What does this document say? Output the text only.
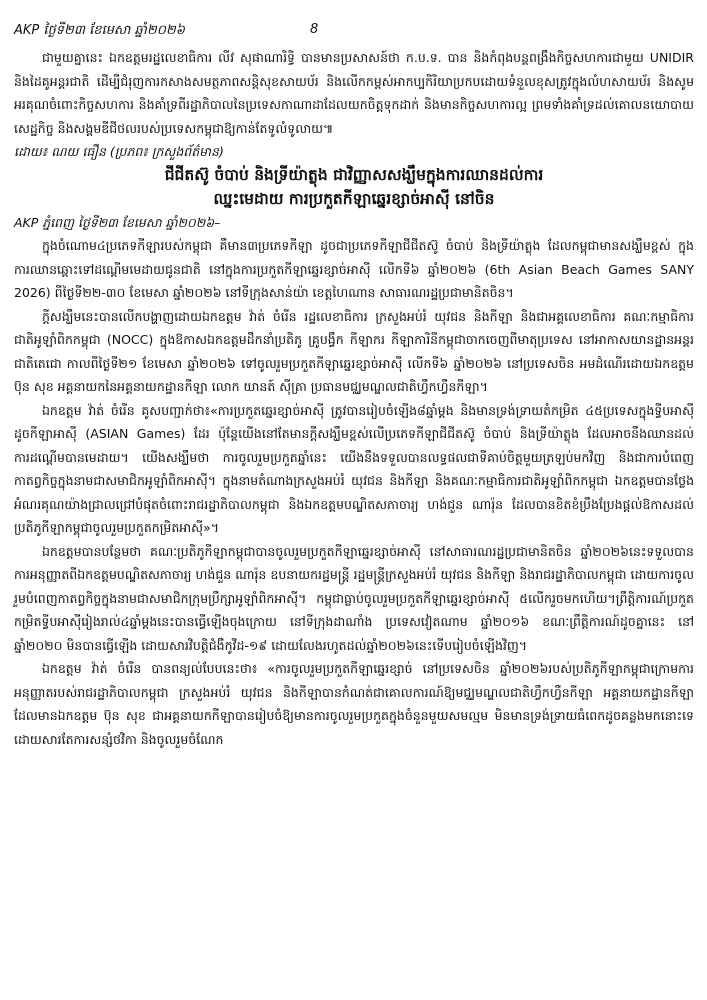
AKP ថ្ងៃទី២៣ ខែមេសា ឆ្នាំ២០២៦	8

ជាមួយគ្នានេះ ឯកឧត្តមរដ្ឋលេខាធិការ លីវ សុផាណារិទ្ធិ បានមានប្រសាសន៍ថា ក.ប.ទ. បាន និងកំពុងបន្តពង្រឹងកិច្ចសហការជាមួយ UNIDIR និងដៃគូអន្តរជាតិ ដើម្បីជំរុញការកសាងសមត្ថភាពសន្តិសុខសាយប័រ និងលើកកម្ពស់អាកប្បកិរិយាប្រកបដោយទំនួលខុសត្រូវក្នុងលំហសាយប័រ និងសូមអរគុណចំពោះកិច្ចសហការ និងគាំទ្រពីរដ្ឋាភិបាលនៃប្រទេសកាណាដាដែលយកចិត្តទុកដាក់ និងមានកិច្ចសហការល្អ ព្រមទាំងគាំទ្រដល់គោលនយោបាយសេដ្ឋកិច្ច និងសង្គមឌីជីថលរបស់ប្រទេសកម្ពុជាឱ្យកាន់តែទូលំទូលាយ៕

ដោយ៖ ណយ ធឿន (ប្រភព៖ ក្រសួងព័ត៌មាន)
ជីជីតស៊ូ ចំបាប់ និងទ្រីយ៉ាត្លុង ជាវិញ្ញាសសង្ឃឹមក្នុងការឈានដល់ការ
ឈ្នះមេដាយ ការប្រកួតកីឡាឆ្នេរខ្សាច់អាស៊ី នៅចិន
AKP ភ្នំពេញ ថ្ងៃទី២៣ ខែមេសា ឆ្នាំ២០២៦–

ក្នុងចំណោម៤ប្រភេទកីឡារបស់កម្ពុជា គឺមាន៣ប្រភេទកីឡា ដូចជាប្រភេទកីឡាជីជីតស៊ូ ចំបាប់ និងទ្រីយ៉ាត្លុង ដែលកម្ពុជាមានសង្ឃឹមខ្ពស់ ក្នុងការឈានឆ្ពោះទៅដណ្ដើមមេដាយជូនជាតិ នៅក្នុងការប្រកួតកីឡាឆ្នេរខ្សាច់អាស៊ី លើកទី៦ ឆ្នាំ២០២៦ (6th Asian Beach Games SANY 2026) ពីថ្ងៃទី២២-៣០ ខែមេសា ឆ្នាំ២០២៦ នៅទីក្រុងសាន់យ៉ា ខេត្តហៃណាន សាធារណរដ្ឋប្រជាមានិតចិន។

ក្តីសង្ឃឹមនេះបានលើកបង្ហាញដោយឯកឧត្តម វ៉ាត់ ចំរើន រដ្ឋលេខាធិការ ក្រសួងអប់រំ យុវជន និងកីឡា និងជាអគ្គលេខាធិការ គណៈកម្មាធិការជាតិអូឡាំពិកកម្ពុជា (NOCC) ក្នុងឱកាសឯកឧត្តមដឹកនាំប្រតិភូ គ្រូបង្វឹក កីឡាករ កីឡាការិនីកម្ពុជាចាកចេញពីមាតុប្រទេស នៅអាកាសយានដ្ឋានអន្តរជាតិតេជោ កាលពីថ្ងៃទី២១ ខែមេសា ឆ្នាំ២០២៦ ទៅចូលរួមប្រកួតកីឡាឆ្នេរខ្សាច់អាស៊ី លើកទី៦ ឆ្នាំ២០២៦ នៅប្រទេសចិន អមដំណើរដោយឯកឧត្តម ប៊ុន សុខ អគ្គនាយកនៃអគ្គនាយកដ្ឋានកីឡា លោក យានត៍ ស៊ីត្រា ប្រធានមជ្ឈមណ្ឌលជាតិហ្វឹកហ្វឺនកីឡា។

ឯកឧត្តម វ៉ាត់ ចំរើន គូសបញ្ជាក់ថា៖«ការប្រកួតឆ្នេរខ្សាច់អាស៊ី ត្រូវបានរៀបចំឡើង៨ឆ្នាំម្តង និងមានទ្រង់ទ្រាយតំកម្រិត ៤៥ប្រទេសក្នុងទ្វីបអាស៊ី ដូចកីឡាអាស៊ី (ASIAN Games) ដែរ ប៉ុន្តែយើងនៅតែមានក្តីសង្ឃឹមខ្ពស់លើប្រភេទកីឡាជីជីតស៊ូ ចំបាប់ និងទ្រីយ៉ាត្លុង ដែលអាចនឹងឈានដល់ការដណ្តើមបានមេដាយ។ យើងសង្ឃឹមថា ការចូលរួមប្រកួតឆ្នាំនេះ យើងនឹងទទួលបានលទ្ធផលជាទីគាប់ចិត្តមួយត្រឡប់មកវិញ និងជាការបំពេញកាតព្វកិច្ចក្នុងនាមជាសមាជិកអូឡាំពិកអាស៊ី។ ក្នុងនាមតំណាងក្រសួងអប់រំ យុវជន និងកីឡា និងគណៈកម្មាធិការជាតិអូឡាំពិកកម្ពុជា ឯកឧត្តមបានថ្លែងអំណរគុណយ៉ាងជ្រាលជ្រៅបំផុតចំពោះរាជរដ្ឋាភិបាលកម្ពុជា និងឯកឧត្តមបណ្ឌិតសភាចារ្យ ហង់ជួន ណារ៉ុន ដែលបានខិតខំប្រឹងប្រែងផ្តល់ឱកាសដល់ប្រតិភូកីឡាកម្ពុជាចូលរួមប្រកួតកម្រិតអាស៊ី»។

ឯកឧត្តមបានបន្ថែមថា គណៈប្រតិភូកីឡាកម្ពុជាបានចូលរួមប្រកួតកីឡាឆ្នេរខ្សាច់អាស៊ី នៅសាធារណរដ្ឋប្រជាមានិតចិន ឆ្នាំ២០២៦នេះទទួលបានការអនុញ្ញាតពីឯកឧត្តមបណ្ឌិតសភាចារ្យ ហង់ជួន ណារ៉ុន ឧបនាយករដ្ឋមន្ត្រី រដ្ឋមន្ត្រីក្រសួងអប់រំ យុវជន និងកីឡា និងរាជរដ្ឋាភិបាលកម្ពុជា ដោយការចូលរួមបំពេញកាតព្វកិច្ចក្នុងនាមជាសមាជិកក្រុមប្រឹក្សាអូឡាំពិកអាស៊ី។ កម្ពុជាធ្លាប់ចូលរួមប្រកួតកីឡាឆ្នេរខ្សាច់អាស៊ី ៥លើករួចមកហើយ។ព្រឹត្តិការណ៍ប្រកួតកម្រិតទ្វីបអាស៊ីរៀងរាល់៤ឆ្នាំម្តងនេះបានធ្វើឡើងចុងក្រោយ នៅទីក្រុងដាណាំង ប្រទេសវៀតណាម ឆ្នាំ២០១៦ ខណៈព្រឹត្តិការណ៍ដូចគ្នានេះ នៅឆ្នាំ២០២០ មិនបានធ្វើឡើង ដោយសារវិបត្តិជំងឺកូវីដ-១៩ ដោយលែងរហូតដល់ឆ្នាំ២០២៦នេះទើបរៀបចំឡើងវិញ។

ឯកឧត្តម វ៉ាត់ ចំរើន បានពន្យល់បែបនេះថា៖ «ការចូលរួមប្រកួតកីឡាឆ្នេរខ្សាច់ នៅប្រទេសចិន ឆ្នាំ២០២៦របស់ប្រតិភូកីឡាកម្ពុជាក្រោមការអនុញ្ញាតរបស់រាជរដ្ឋាភិបាលកម្ពុជា ក្រសួងអប់រំ យុវជន និងកីឡាបានកំណត់ជាគោលការណ៍ឱ្យមជ្ឈមណ្ឌលជាតិហ្វឹកហ្វឺនកីឡា អគ្គនាយកដ្ឋានកីឡា ដែលមានឯកឧត្តម ប៊ុន សុខ ជាអគ្គនាយកកីឡាបានរៀបចំឱ្យមានការចូលរួមប្រកួតក្នុងចំនួនមួយសមល្មម មិនមានទ្រង់ទ្រាយធំពេកដូចគន្លងមកនោះទេ ដោយសារតែការសន្សំថវិកា និងចូលរួមចំណែក
